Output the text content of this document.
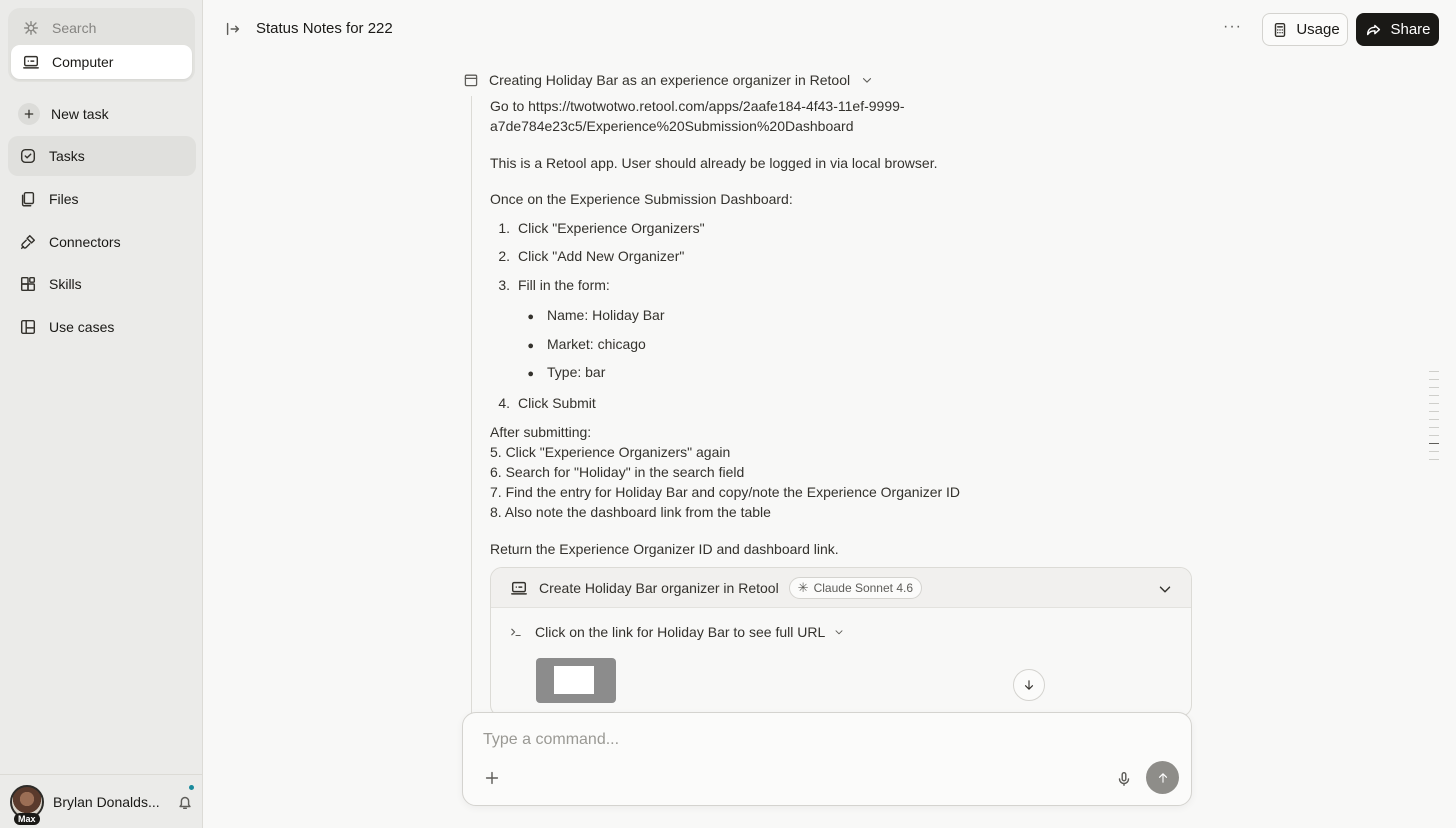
Search
Computer
New task
Tasks
Files
Connectors
Skills
Use cases
Max
Brylan Donalds...
Status Notes for 222	···	Usage	Share
Creating Holiday Bar as an experience organizer in Retool
Go to https://twotwotwo.retool.com/apps/2aafe184-4f43-11ef-9999-
a7de784e23c5/Experience%20Submission%20Dashboard
This is a Retool app. User should already be logged in via local browser.
Once on the Experience Submission Dashboard:
1. Click "Experience Organizers"
2. Click "Add New Organizer"
3. Fill in the form:
● Name: Holiday Bar
● Market: chicago
● Type: bar
4. Click Submit
After submitting:
5. Click "Experience Organizers" again
6. Search for "Holiday" in the search field
7. Find the entry for Holiday Bar and copy/note the Experience Organizer ID
8. Also note the dashboard link from the table
Return the Experience Organizer ID and dashboard link.
Create Holiday Bar organizer in Retool ✳ Claude Sonnet 4.6
Click on the link for Holiday Bar to see full URL
Type a command...
